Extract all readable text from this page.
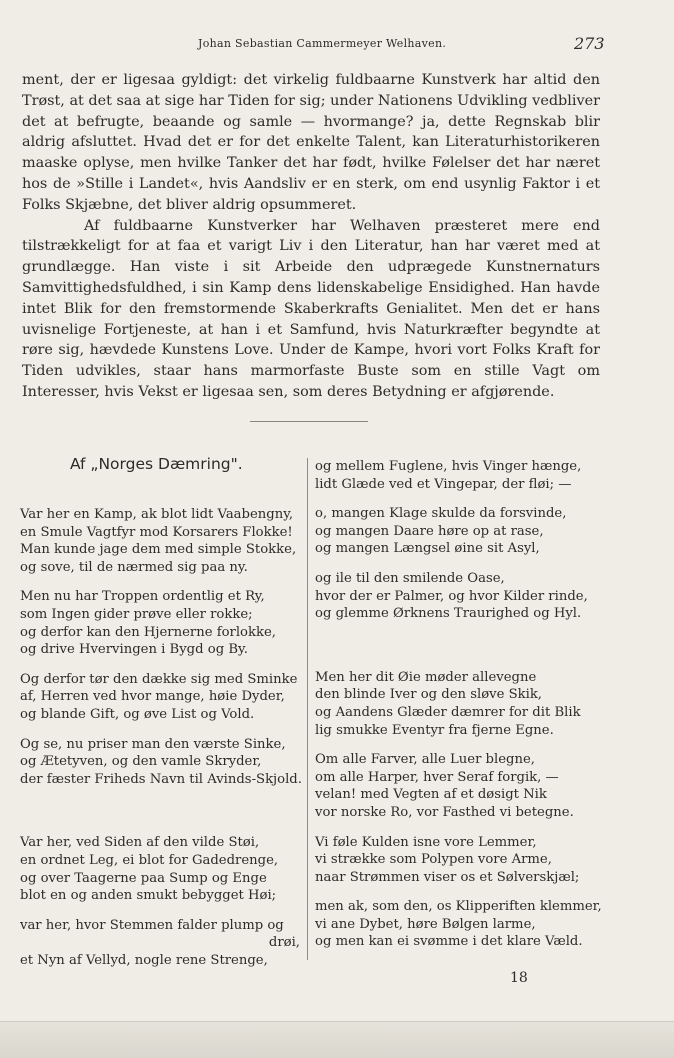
Johan Sebastian Cammermeyer Welhaven.	273

ment, der er ligesaa gyldigt: det virkelig fuldbaarne Kunstverk har altid den Trøst, at det saa at sige har Tiden for sig; under Nationens Udvikling vedbliver det at befrugte, beaande og samle — hvormange? ja, dette Regnskab blir aldrig afsluttet. Hvad det er for det enkelte Talent, kan Literaturhistorikeren maaske oplyse, men hvilke Tanker det har født, hvilke Følelser det har næret hos de »Stille i Landet«, hvis Aandsliv er en sterk, om end usynlig Faktor i et Folks Skjæbne, det bliver aldrig opsummeret.

Af fuldbaarne Kunstverker har Welhaven præsteret mere end tilstrækkeligt for at faa et varigt Liv i den Literatur, han har været med at grundlægge. Han viste i sit Arbeide den udprægede Kunstnernaturs Samvittighedsfuldhed, i sin Kamp dens lidenskabelige Ensidighed. Han havde intet Blik for den fremstormende Skaberkrafts Genialitet. Men det er hans uvisnelige Fortjeneste, at han i et Samfund, hvis Naturkræfter begyndte at røre sig, hævdede Kunstens Love. Under de Kampe, hvori vort Folks Kraft for Tiden udvikles, staar hans marmorfaste Buste som en stille Vagt om Interesser, hvis Vekst er ligesaa sen, som deres Betydning er afgjørende.

Af „Norges Dæmring".
Var her en Kamp, ak blot lidt Vaabengny,
en Smule Vagtfyr mod Korsarers Flokke!
Man kunde jage dem med simple Stokke,
og sove, til de nærmed sig paa ny.
Men nu har Troppen ordentlig et Ry,
som Ingen gider prøve eller rokke;
og derfor kan den Hjernerne forlokke,
og drive Hvervingen i Bygd og By.
Og derfor tør den dække sig med Sminke
af, Herren ved hvor mange, høie Dyder,
og blande Gift, og øve List og Vold.
Og se, nu priser man den værste Sinke,
og Ætetyven, og den vamle Skryder,
der fæster Friheds Navn til Avinds-Skjold.
Var her, ved Siden af den vilde Støi,
en ordnet Leg, ei blot for Gadedrenge,
og over Taagerne paa Sump og Enge
blot en og anden smukt bebygget Høi;
var her, hvor Stemmen falder plump og
drøi,
et Nyn af Vellyd, nogle rene Strenge,
og mellem Fuglene, hvis Vinger hænge,
lidt Glæde ved et Vingepar, der fløi; —
o, mangen Klage skulde da forsvinde,
og mangen Daare høre op at rase,
og mangen Længsel øine sit Asyl,
og ile til den smilende Oase,
hvor der er Palmer, og hvor Kilder rinde,
og glemme Ørknens Traurighed og Hyl.
Men her dit Øie møder allevegne
den blinde Iver og den sløve Skik,
og Aandens Glæder dæmrer for dit Blik
lig smukke Eventyr fra fjerne Egne.
Om alle Farver, alle Luer blegne,
om alle Harper, hver Seraf forgik, —
velan! med Vegten af et døsigt Nik
vor norske Ro, vor Fasthed vi betegne.
Vi føle Kulden isne vore Lemmer,
vi strække som Polypen vore Arme,
naar Strømmen viser os et Sølverskjæl;
men ak, som den, os Klipperiften klemmer,
vi ane Dybet, høre Bølgen larme,
og men kan ei svømme i det klare Væld.
18
